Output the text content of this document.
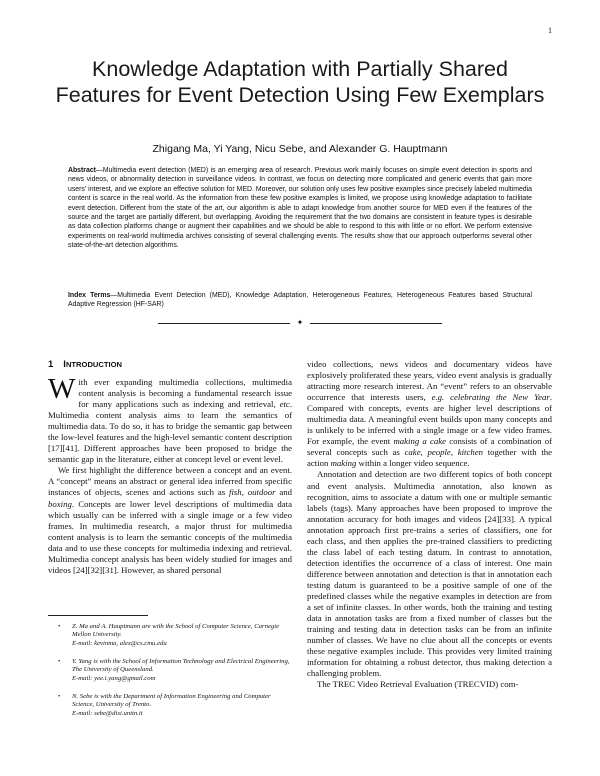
1
Knowledge Adaptation with Partially Shared Features for Event Detection Using Few Exemplars
Zhigang Ma, Yi Yang, Nicu Sebe, and Alexander G. Hauptmann
Abstract—Multimedia event detection (MED) is an emerging area of research. Previous work mainly focuses on simple event detection in sports and news videos, or abnormality detection in surveillance videos. In contrast, we focus on detecting more complicated and generic events that gain more users' interest, and we explore an effective solution for MED. Moreover, our solution only uses few positive examples since precisely labeled multimedia content is scarce in the real world. As the information from these few positive examples is limited, we propose using knowledge adaptation to facilitate event detection. Different from the state of the art, our algorithm is able to adapt knowledge from another source for MED even if the features of the source and the target are partially different, but overlapping. Avoiding the requirement that the two domains are consistent in feature types is desirable as data collection platforms change or augment their capabilities and we should be able to respond to this with little or no effort. We perform extensive experiments on real-world multimedia archives consisting of several challenging events. The results show that our approach outperforms several other state-of-the-art detection algorithms.
Index Terms—Multimedia Event Detection (MED), Knowledge Adaptation, Heterogeneous Features, Heterogeneous Features based Structural Adaptive Regression (HF-SAR)
✦
1 INTRODUCTION

With ever expanding multimedia collections, multimedia content analysis is becoming a fundamental research issue for many applications such as indexing and retrieval, etc. Multimedia content analysis aims to learn the semantics of multimedia data. To do so, it has to bridge the semantic gap between the low-level features and the high-level semantic content description [17][41]. Different approaches have been proposed to bridge the semantic gap in the literature, either at concept level or event level.

We first highlight the difference between a concept and an event. A “concept” means an abstract or general idea inferred from specific instances of objects, scenes and actions such as fish, outdoor and boxing. Concepts are lower level descriptions of multimedia data which usually can be inferred with a single image or a few video frames. In multimedia research, a major thrust for multimedia content analysis is to learn the semantic concepts of the multimedia data and to use these concepts for multimedia indexing and retrieval. Multimedia concept analysis has been widely studied for images and videos [24][32][31]. However, as shared personal

• Z. Ma and A. Hauptmann are with the School of Computer Science, Carnegie Mellon University.
E-mail: kevinma, alex@cs.cmu.edu
• Y. Yang is with the School of Information Technology and Electrical Engineering, The University of Queensland.
E-mail: yee.i.yang@gmail.com
• N. Sebe is with the Department of Information Engineering and Computer Science, University of Trento.
E-mail: sebe@disi.unitn.it

video collections, news videos and documentary videos have explosively proliferated these years, video event analysis is gradually attracting more research interest. An “event” refers to an observable occurrence that interests users, e.g. celebrating the New Year. Compared with concepts, events are higher level descriptions of multimedia data. A meaningful event builds upon many concepts and is unlikely to be inferred with a single image or a few video frames. For example, the event making a cake consists of a combination of several concepts such as cake, people, kitchen together with the action making within a longer video sequence.

Annotation and detection are two different topics of both concept and event analysis. Multimedia annotation, also known as recognition, aims to associate a datum with one or multiple semantic labels (tags). Many approaches have been proposed to improve the annotation accuracy for both images and videos [24][33]. A typical annotation approach first pre-trains a series of classifiers, one for each class, and then applies the pre-trained classifiers to predicting the class label of each testing datum. In contrast to annotation, detection identifies the occurrence of a class of interest. One main difference between annotation and detection is that in annotation each testing datum is guaranteed to be a positive sample of one of the predefined classes while the negative examples in detection are from a set of infinite classes. In other words, both the training and testing data in annotation tasks are from a fixed number of classes but the training and testing data in detection tasks can be from an infinite number of classes. We have no clue about all the concepts or events these negative examples include. This provides very limited training information for obtaining a robust detector, thus making detection a challenging problem.

The TREC Video Retrieval Evaluation (TRECVID) com-
